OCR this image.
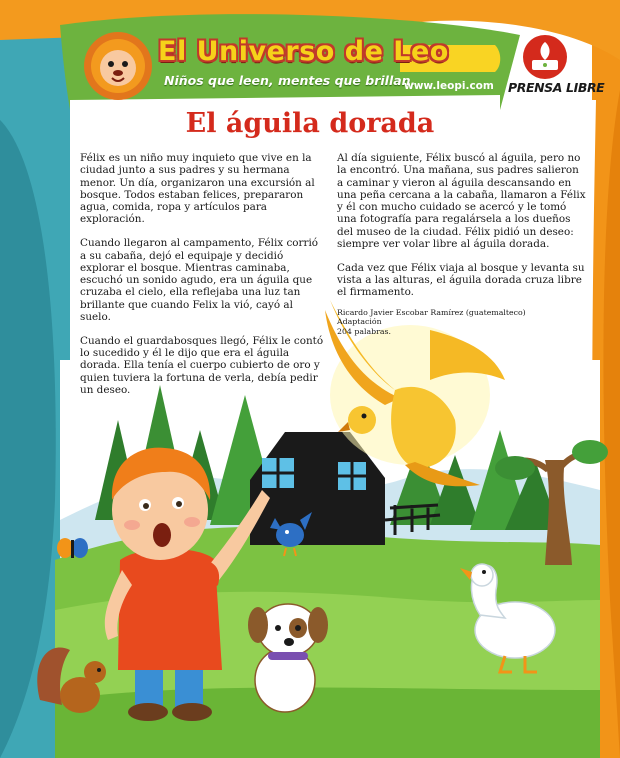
El Universo de Leo
Niños que leen, mentes que brillan.
www.leopi.com PRENSA LIBRE
El águila dorada

Félix es un niño muy inquieto que vive en la ciudad junto a sus padres y su hermana menor. Un día, organizaron una excursión al bosque. Todos estaban felices, prepararon agua, comida, ropa y artículos para exploración.

Cuando llegaron al campamento, Félix corrió a su cabaña, dejó el equipaje y decidió explorar el bosque. Mientras caminaba, escuchó un sonido agudo, era un águila que cruzaba el cielo, ella reflejaba una luz tan brillante que cuando Felix la vió, cayó al suelo.

Cuando el guardabosques llegó, Félix le contó lo sucedido y él le dijo que era el águila dorada. Ella tenía el cuerpo cubierto de oro y quien tuviera la fortuna de verla, debía pedir un deseo.

Al día siguiente, Félix buscó al águila, pero no la encontró. Una mañana, sus padres salieron a caminar y vieron al águila descansando en una peña cercana a la cabaña, llamaron a Félix y él con mucho cuidado se acercó y le tomó una fotografía para regalársela a los dueños del museo de la ciudad. Félix pidió un deseo: siempre ver volar libre al águila dorada.

Cada vez que Félix viaja al bosque y levanta su vista a las alturas, el águila dorada cruza libre el firmamento.

Ricardo Javier Escobar Ramírez (guatemalteco)
Adaptación
204 palabras.
